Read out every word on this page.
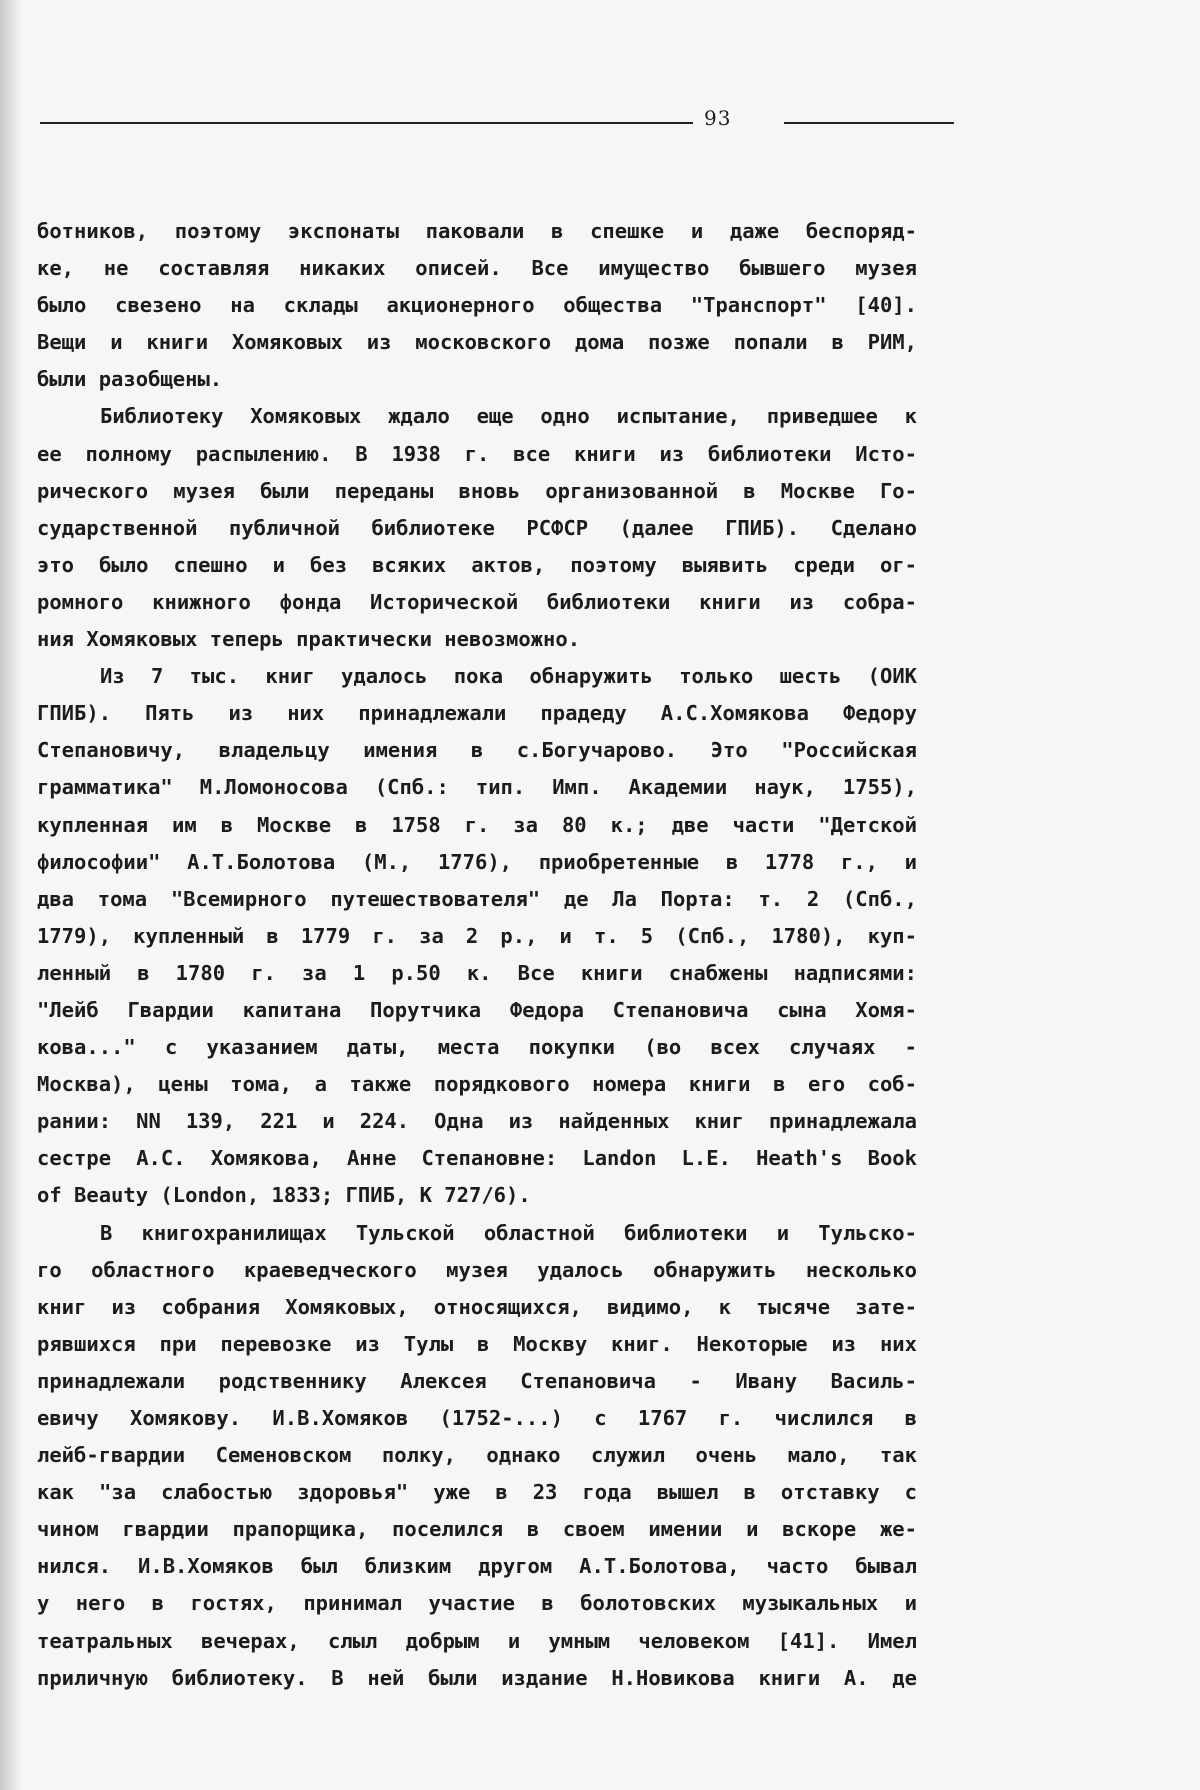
93
ботников, поэтому экспонаты паковали в спешке и даже беспоряд-
ке, не составляя никаких описей. Все имущество бывшего музея
было свезено на склады акционерного общества "Транспорт" [40].
Вещи и книги Хомяковых из московского дома позже попали в РИМ,
были разобщены.
Библиотеку Хомяковых ждало еще одно испытание, приведшее к
ее полному распылению. В 1938 г. все книги из библиотеки Исто-
рического музея были переданы вновь организованной в Москве Го-
сударственной публичной библиотеке РСФСР (далее ГПИБ). Сделано
это было спешно и без всяких актов, поэтому выявить среди ог-
ромного книжного фонда Исторической библиотеки книги из собра-
ния Хомяковых теперь практически невозможно.
Из 7 тыс. книг удалось пока обнаружить только шесть (ОИК
ГПИБ). Пять из них принадлежали прадеду А.С.Хомякова Федору
Степановичу, владельцу имения в с.Богучарово. Это "Российская
грамматика" М.Ломоносова (Спб.: тип. Имп. Академии наук, 1755),
купленная им в Москве в 1758 г. за 80 к.; две части "Детской
философии" А.Т.Болотова (М., 1776), приобретенные в 1778 г., и
два тома "Всемирного путешествователя" де Ла Порта: т. 2 (Спб.,
1779), купленный в 1779 г. за 2 р., и т. 5 (Спб., 1780), куп-
ленный в 1780 г. за 1 р.50 к. Все книги снабжены надписями:
"Лейб Гвардии капитана Порутчика Федора Степановича сына Хомя-
кова..." с указанием даты, места покупки (во всех случаях -
Москва), цены тома, а также порядкового номера книги в его соб-
рании: NN 139, 221 и 224. Одна из найденных книг принадлежала
сестре А.С. Хомякова, Анне Степановне: Landon L.E. Heath's Book
of Beauty (London, 1833; ГПИБ, К 727/6).
В книгохранилищах Тульской областной библиотеки и Тульско-
го областного краеведческого музея удалось обнаружить несколько
книг из собрания Хомяковых, относящихся, видимо, к тысяче зате-
рявшихся при перевозке из Тулы в Москву книг. Некоторые из них
принадлежали родственнику Алексея Степановича - Ивану Василь-
евичу Хомякову. И.В.Хомяков (1752-...) с 1767 г. числился в
лейб-гвардии Семеновском полку, однако служил очень мало, так
как "за слабостью здоровья" уже в 23 года вышел в отставку с
чином гвардии прапорщика, поселился в своем имении и вскоре же-
нился. И.В.Хомяков был близким другом А.Т.Болотова, часто бывал
у него в гостях, принимал участие в болотовских музыкальных и
театральных вечерах, слыл добрым и умным человеком [41]. Имел
приличную библиотеку. В ней были издание Н.Новикова книги А. де
